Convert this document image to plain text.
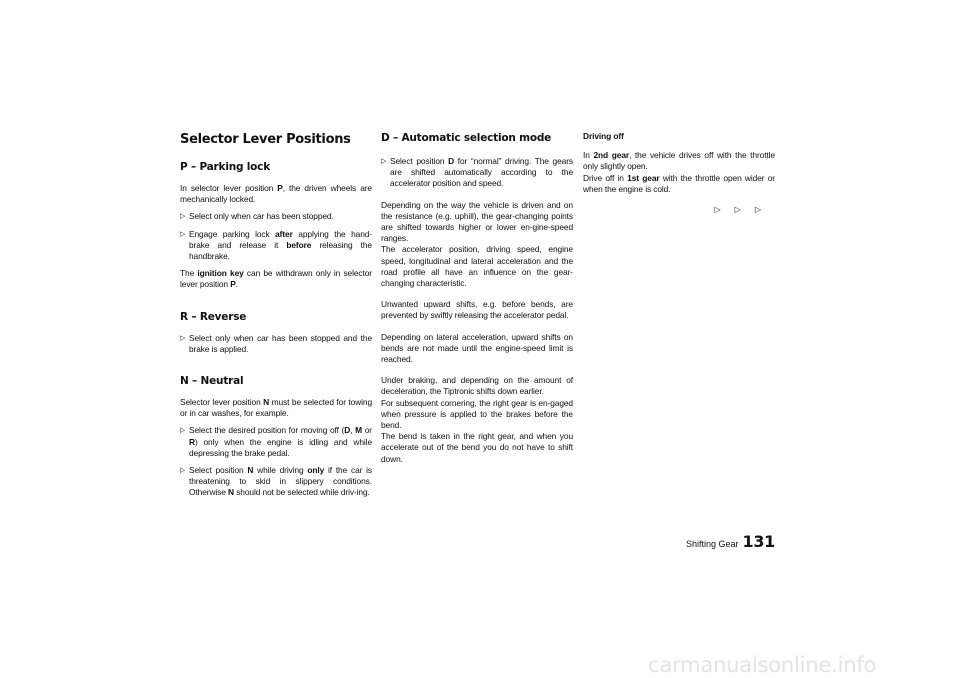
Selector Lever Positions
P – Parking lock

In selector lever position P, the driven wheels are mechanically locked.

▷ Select only when car has been stopped.
▷ Engage parking lock after applying the hand-brake and release it before releasing the handbrake.

The ignition key can be withdrawn only in selector lever position P.

R – Reverse
▷ Select only when car has been stopped and the brake is applied.
N – Neutral

Selector lever position N must be selected for towing or in car washes, for example.

▷ Select the desired position for moving off (D, M or R) only when the engine is idling and while depressing the brake pedal.
▷ Select position N while driving only if the car is threatening to skid in slippery conditions. Otherwise N should not be selected while driv-ing.
D – Automatic selection mode
▷ Select position D for “normal” driving. The gears are shifted automatically according to the accelerator position and speed.

Depending on the way the vehicle is driven and on the resistance (e.g. uphill), the gear-changing points are shifted towards higher or lower en-gine-speed ranges.

The accelerator position, driving speed, engine speed, longitudinal and lateral acceleration and the road profile all have an influence on the gear-changing characteristic.

Unwanted upward shifts, e.g. before bends, are prevented by swiftly releasing the accelerator pedal.

Depending on lateral acceleration, upward shifts on bends are not made until the engine-speed limit is reached.

Under braking, and depending on the amount of deceleration, the Tiptronic shifts down earlier.

For subsequent cornering, the right gear is en-gaged when pressure is applied to the brakes before the bend.

The bend is taken in the right gear, and when you accelerate out of the bend you do not have to shift down.

Driving off

In 2nd gear, the vehicle drives off with the throttle only slightly open.

Drive off in 1st gear with the throttle open wider or when the engine is cold.

▷▷▷
Shifting Gear 131
carmanualsonline.info
